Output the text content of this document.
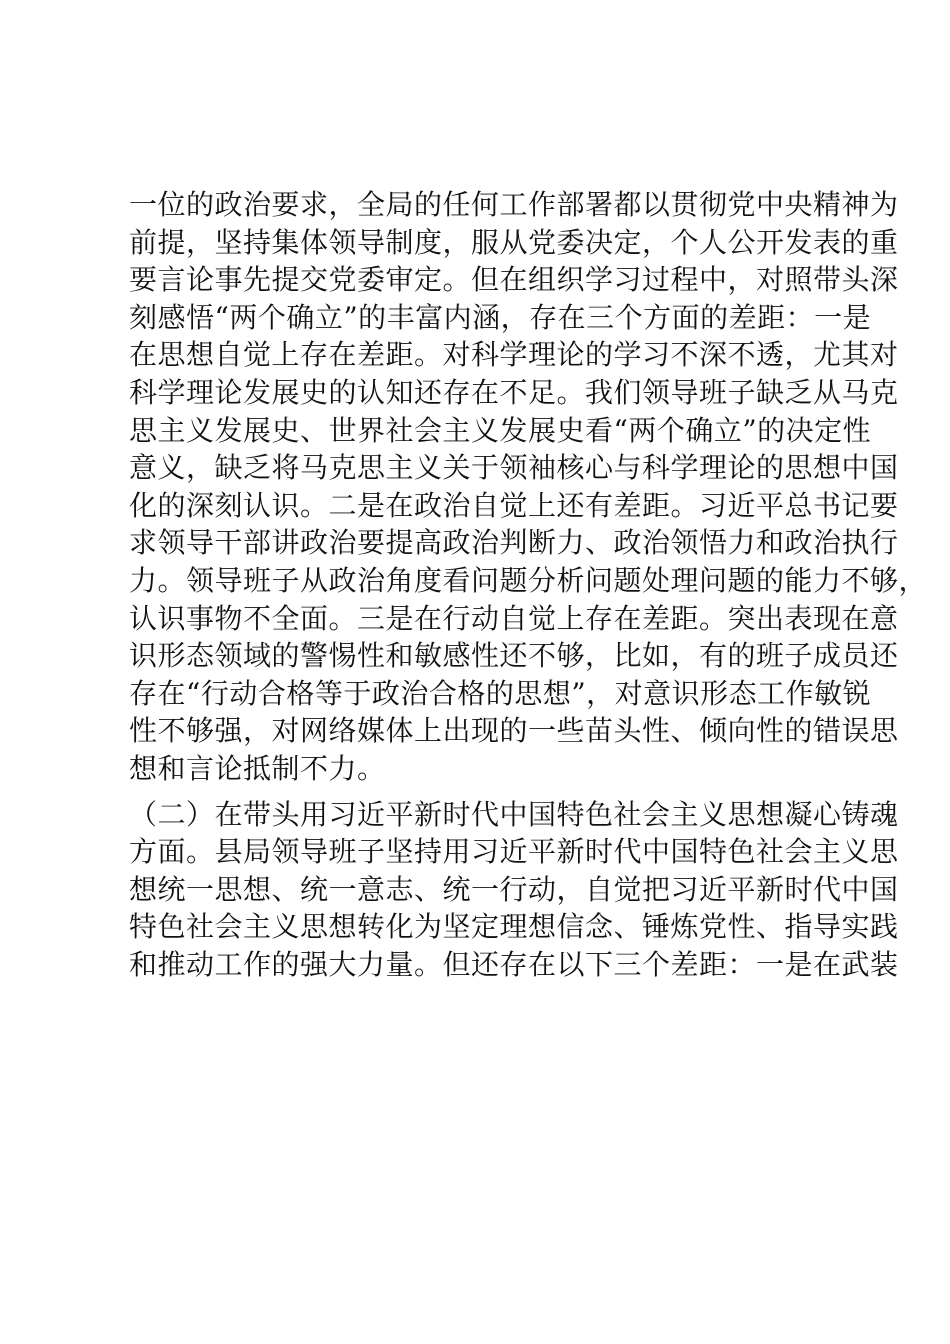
一位的政治要求，全局的任何工作部署都以贯彻党中央精神为
前提，坚持集体领导制度，服从党委决定，个人公开发表的重
要言论事先提交党委审定。但在组织学习过程中，对照带头深
刻感悟“两个确立”的丰富内涵，存在三个方面的差距：一是
在思想自觉上存在差距。对科学理论的学习不深不透，尤其对
科学理论发展史的认知还存在不足。我们领导班子缺乏从马克
思主义发展史、世界社会主义发展史看“两个确立”的决定性
意义，缺乏将马克思主义关于领袖核心与科学理论的思想中国
化的深刻认识。二是在政治自觉上还有差距。习近平总书记要
求领导干部讲政治要提高政治判断力、政治领悟力和政治执行
力。领导班子从政治角度看问题分析问题处理问题的能力不够，
认识事物不全面。三是在行动自觉上存在差距。突出表现在意
识形态领域的警惕性和敏感性还不够，比如，有的班子成员还
存在“行动合格等于政治合格的思想”，对意识形态工作敏锐
性不够强，对网络媒体上出现的一些苗头性、倾向性的错误思
想和言论抵制不力。
（二）在带头用习近平新时代中国特色社会主义思想凝心铸魂
方面。县局领导班子坚持用习近平新时代中国特色社会主义思
想统一思想、统一意志、统一行动，自觉把习近平新时代中国
特色社会主义思想转化为坚定理想信念、锤炼党性、指导实践
和推动工作的强大力量。但还存在以下三个差距：一是在武装
